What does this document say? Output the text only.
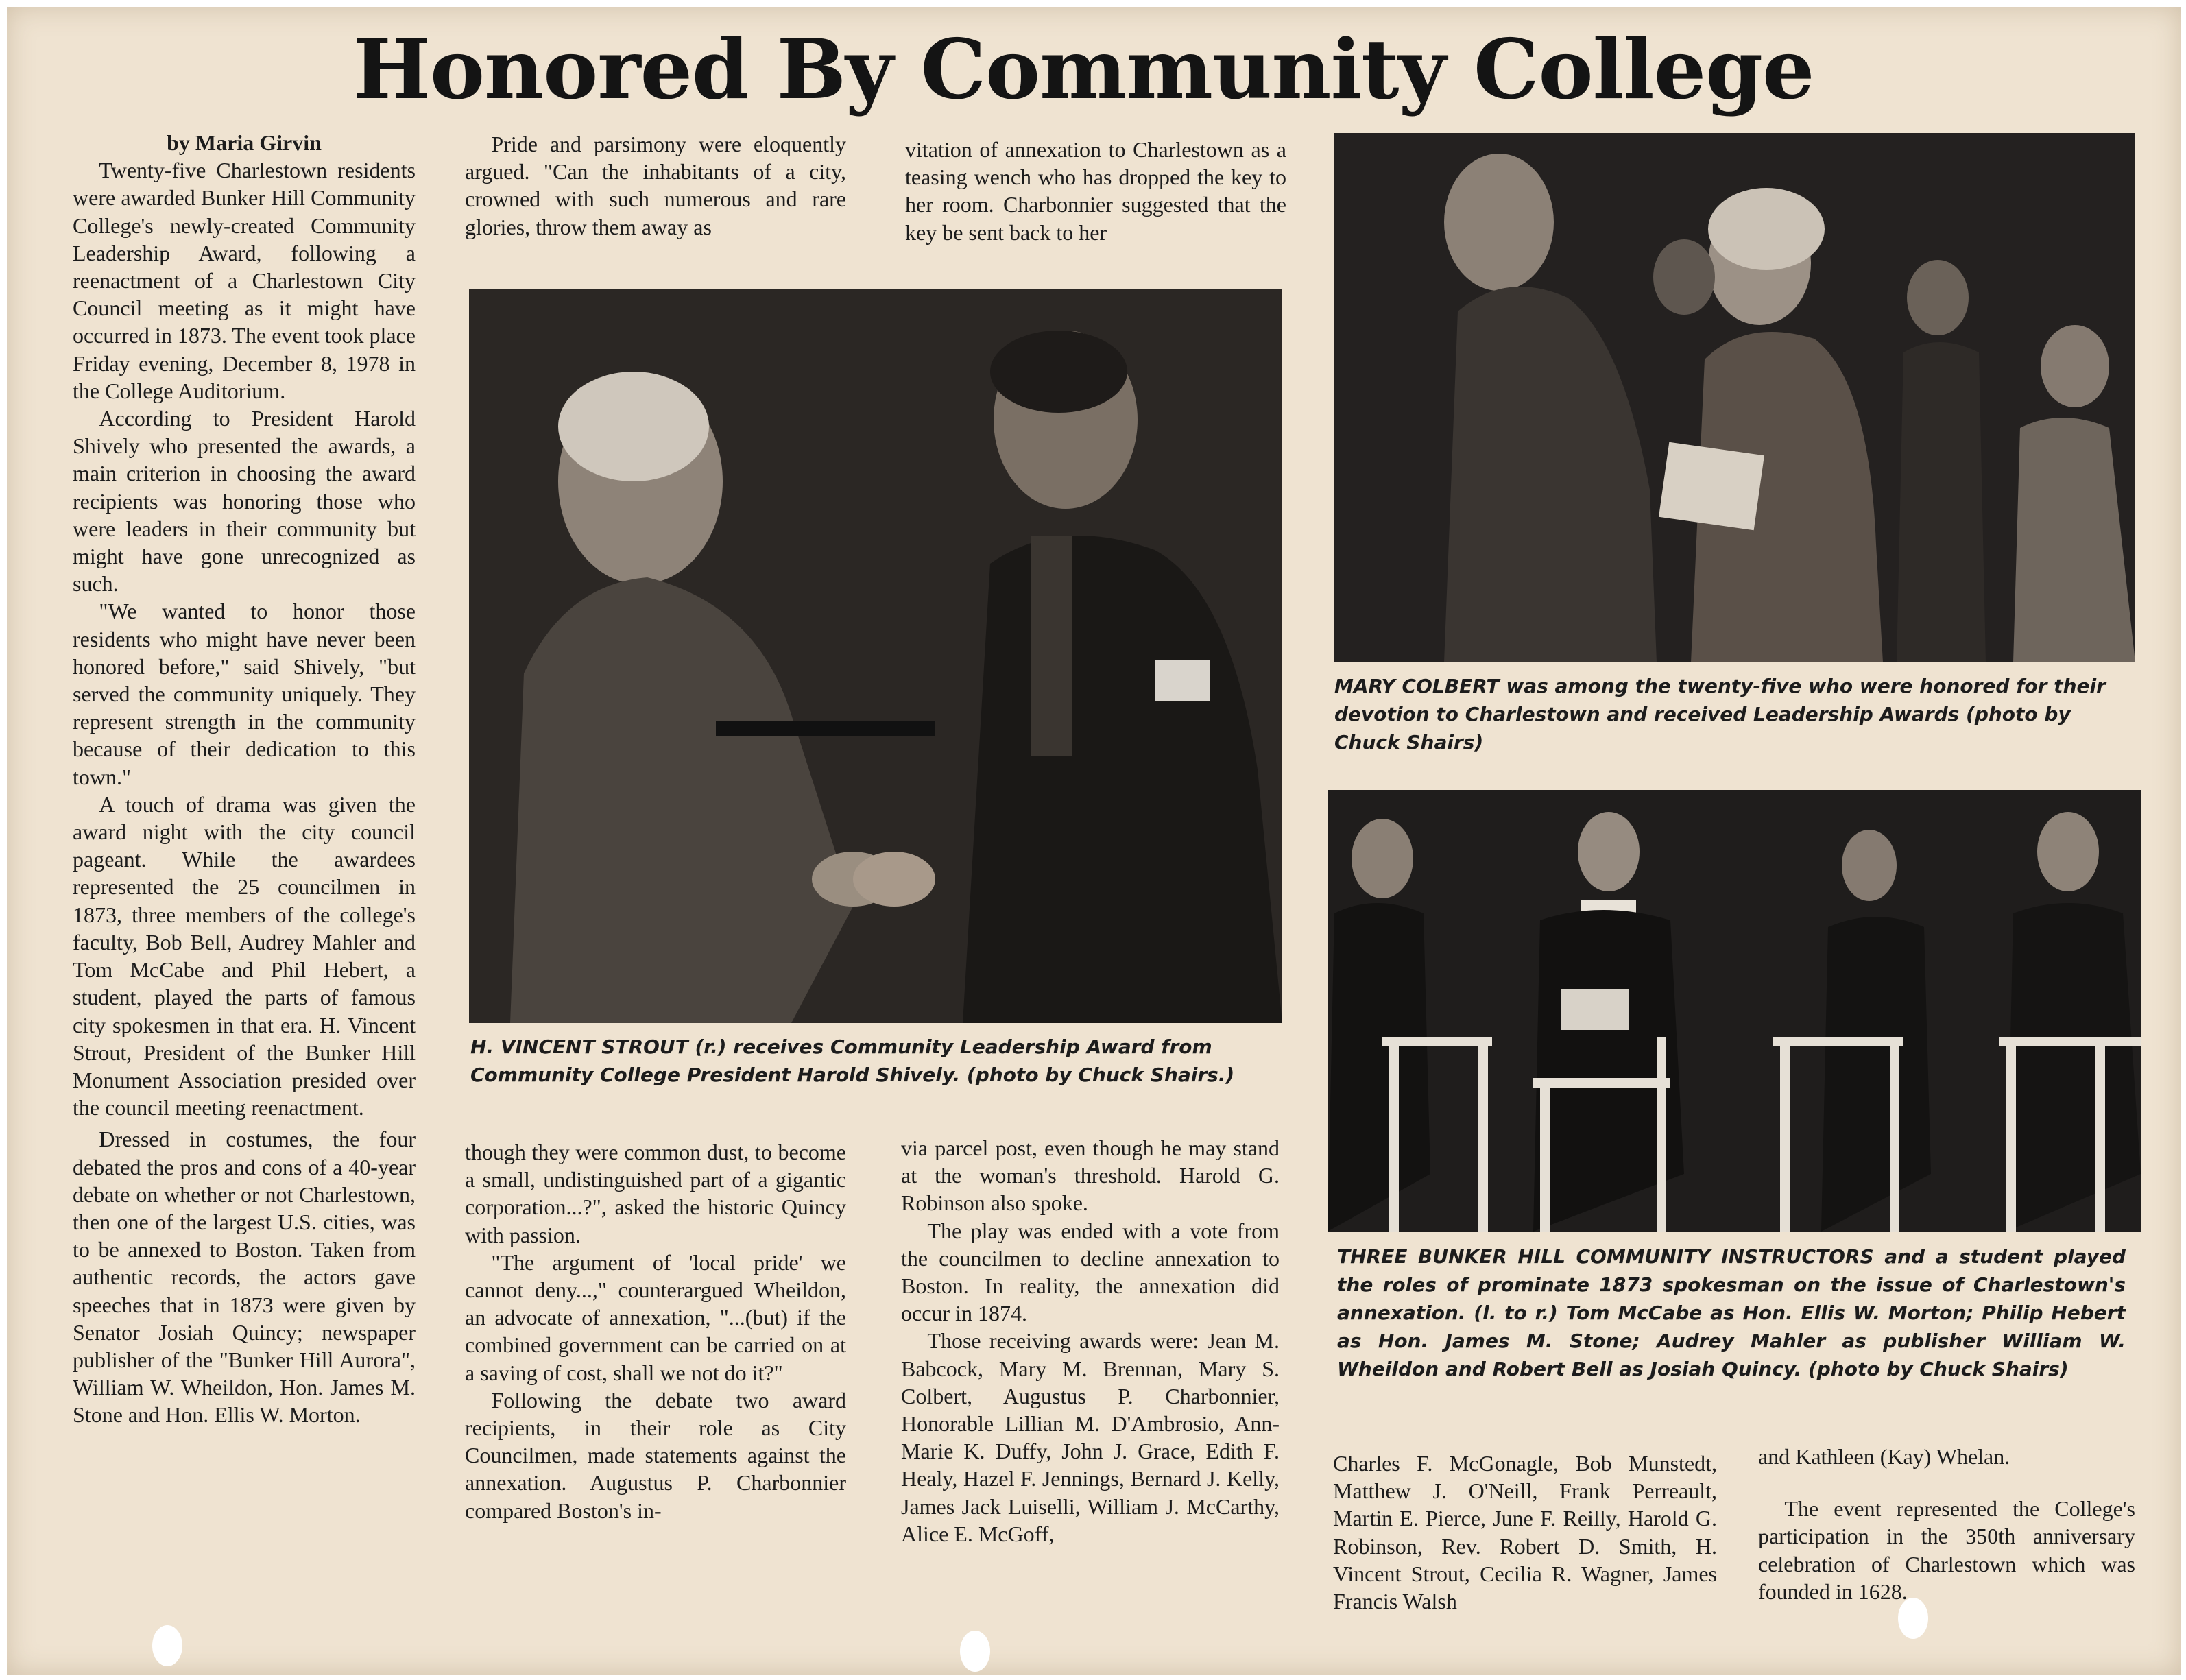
Honored By Community College

by Maria Girvin

Twenty-five Charlestown residents were awarded Bunker Hill Community College's newly-created Community Leadership Award, following a reenactment of a Charlestown City Council meeting as it might have occurred in 1873. The event took place Friday evening, December 8, 1978 in the College Auditorium.

According to President Harold Shively who presented the awards, a main criterion in choosing the award recipients was honoring those who were leaders in their community but might have gone unrecognized as such.

"We wanted to honor those residents who might have never been honored before," said Shively, "but served the community uniquely. They represent strength in the community because of their dedication to this town."

A touch of drama was given the award night with the city council pageant. While the awardees represented the 25 councilmen in 1873, three members of the college's faculty, Bob Bell, Audrey Mahler and Tom McCabe and Phil Hebert, a student, played the parts of famous city spokesmen in that era. H. Vincent Strout, President of the Bunker Hill Monument Association presided over the council meeting reenactment.

Dressed in costumes, the four debated the pros and cons of a 40-year debate on whether or not Charlestown, then one of the largest U.S. cities, was to be annexed to Boston. Taken from authentic records, the actors gave speeches that in 1873 were given by Senator Josiah Quincy; newspaper publisher of the "Bunker Hill Aurora", William W. Wheildon, Hon. James M. Stone and Hon. Ellis W. Morton.

Pride and parsimony were eloquently argued. "Can the inhabitants of a city, crowned with such numerous and rare glories, throw them away as

vitation of annexation to Charlestown as a teasing wench who has dropped the key to her room. Charbonnier suggested that the key be sent back to her

H. VINCENT STROUT (r.) receives Community Leadership Award from Community College President Harold Shively. (photo by Chuck Shairs.)

though they were common dust, to become a small, undistinguished part of a gigantic corporation...?", asked the historic Quincy with passion.

"The argument of 'local pride' we cannot deny...," counterargued Wheildon, an advocate of annexation, "...(but) if the combined government can be carried on at a saving of cost, shall we not do it?"

Following the debate two award recipients, in their role as City Councilmen, made statements against the annexation. Augustus P. Charbonnier compared Boston's in-

via parcel post, even though he may stand at the woman's threshold. Harold G. Robinson also spoke.

The play was ended with a vote from the councilmen to decline annexation to Boston. In reality, the annexation did occur in 1874.

Those receiving awards were: Jean M. Babcock, Mary M. Brennan, Mary S. Colbert, Augustus P. Charbonnier, Honorable Lillian M. D'Ambrosio, Ann-Marie K. Duffy, John J. Grace, Edith F. Healy, Hazel F. Jennings, Bernard J. Kelly, James Jack Luiselli, William J. McCarthy, Alice E. McGoff,

MARY COLBERT was among the twenty-five who were honored for their devotion to Charlestown and received Leadership Awards (photo by Chuck Shairs)
THREE BUNKER HILL COMMUNITY INSTRUCTORS and a student played the roles of prominate 1873 spokesman on the issue of Charlestown's annexation. (l. to r.) Tom McCabe as Hon. Ellis W. Morton; Philip Hebert as Hon. James M. Stone; Audrey Mahler as publisher William W. Wheildon and Robert Bell as Josiah Quincy. (photo by Chuck Shairs)

Charles F. McGonagle, Bob Munstedt, Matthew J. O'Neill, Frank Perreault, Martin E. Pierce, June F. Reilly, Harold G. Robinson, Rev. Robert D. Smith, H. Vincent Strout, Cecilia R. Wagner, James Francis Walsh

and Kathleen (Kay) Whelan.

The event represented the College's participation in the 350th anniversary celebration of Charlestown which was founded in 1628.
